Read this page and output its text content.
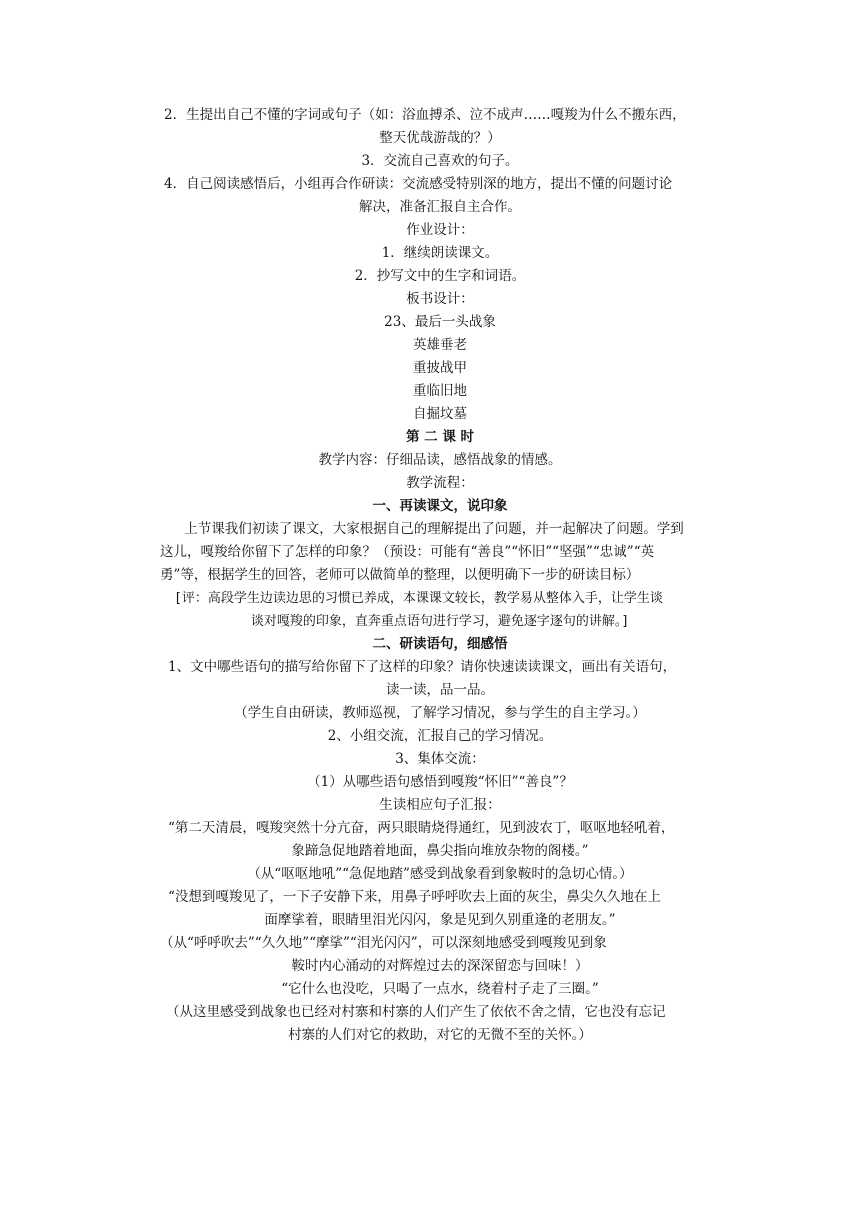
2．生提出自己不懂的字词或句子（如：浴血搏杀、泣不成声……嘎羧为什么不搬东西，

整天优哉游哉的？）

3．交流自己喜欢的句子。

4．自己阅读感悟后，小组再合作研读：交流感受特别深的地方，提出不懂的问题讨论

解决，准备汇报自主合作。

作业设计：

1．继续朗读课文。

2．抄写文中的生字和词语。

板书设计：

23、最后一头战象

英雄垂老

重披战甲

重临旧地

自掘坟墓

第 二 课 时

教学内容：仔细品读，感悟战象的情感。

教学流程：

一、再读课文，说印象

上节课我们初读了课文，大家根据自己的理解提出了问题，并一起解决了问题。学到

这儿，嘎羧给你留下了怎样的印象？（预设：可能有“善良”“怀旧”“坚强”“忠诚”“英

勇”等，根据学生的回答，老师可以做简单的整理，以便明确下一步的研读目标）

[评：高段学生边读边思的习惯已养成，本课课文较长，教学易从整体入手，让学生谈

谈对嘎羧的印象，直奔重点语句进行学习，避免逐字逐句的讲解。]

二、研读语句，细感悟

1、文中哪些语句的描写给你留下了这样的印象？请你快速读读课文，画出有关语句，

读一读，品一品。

（学生自由研读，教师巡视，了解学习情况，参与学生的自主学习。）

2、小组交流，汇报自己的学习情况。

3、集体交流：

（1）从哪些语句感悟到嘎羧“怀旧”“善良”？

生读相应句子汇报：

“第二天清晨，嘎羧突然十分亢奋，两只眼睛烧得通红，见到波农丁，呕呕地轻吼着，

象蹄急促地踏着地面，鼻尖指向堆放杂物的阁楼。”

（从“呕呕地吼”“急促地踏”感受到战象看到象鞍时的急切心情。）

“没想到嘎羧见了，一下子安静下来，用鼻子呼呼吹去上面的灰尘，鼻尖久久地在上

面摩挲着，眼睛里泪光闪闪，象是见到久别重逢的老朋友。”

（从“呼呼吹去”“久久地”“摩挲”“泪光闪闪”，可以深刻地感受到嘎羧见到象

鞍时内心涌动的对辉煌过去的深深留恋与回味！）

“它什么也没吃，只喝了一点水，绕着村子走了三圈。”

（从这里感受到战象也已经对村寨和村寨的人们产生了依依不舍之情，它也没有忘记

村寨的人们对它的救助，对它的无微不至的关怀。）
